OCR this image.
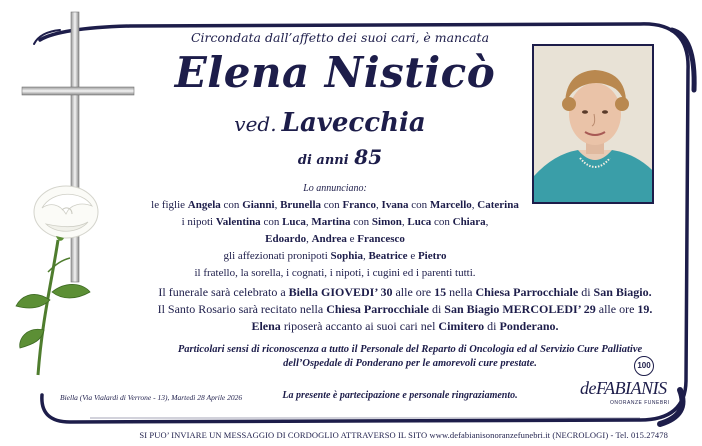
Circondata dall’affetto dei suoi cari, è mancata
Elena Nisticò
ved. Lavecchia
di anni 85
Lo annunciano:
le figlie Angela con Gianni, Brunella con Franco, Ivana con Marcello, Caterina
i nipoti Valentina con Luca, Martina con Simon, Luca con Chiara,
Edoardo, Andrea e Francesco
gli affezionati pronipoti Sophia, Beatrice e Pietro
il fratello, la sorella, i cognati, i nipoti, i cugini ed i parenti tutti.
Il funerale sarà celebrato a Biella GIOVEDI’ 30 alle ore 15 nella Chiesa Parrocchiale di San Biagio.
Il Santo Rosario sarà recitato nella Chiesa Parrocchiale di San Biagio MERCOLEDI’ 29 alle ore 19.
Elena riposerà accanto ai suoi cari nel Cimitero di Ponderano.
Particolari sensi di riconoscenza a tutto il Personale del Reparto di Oncologia ed al Servizio Cure Palliative
dell’Ospedale di Ponderano per le amorevoli cure prestate.
Biella (Via Vialardi di Verrone - 13), Martedì 28 Aprile 2026	La presente è partecipazione e personale ringraziamento.
100
deFABIANIS
ONORANZE FUNEBRI
SI PUO’ INVIARE UN MESSAGGIO DI CORDOGLIO ATTRAVERSO IL SITO www.defabianisonoranzefunebri.it (NECROLOGI) - Tel. 015.27478
